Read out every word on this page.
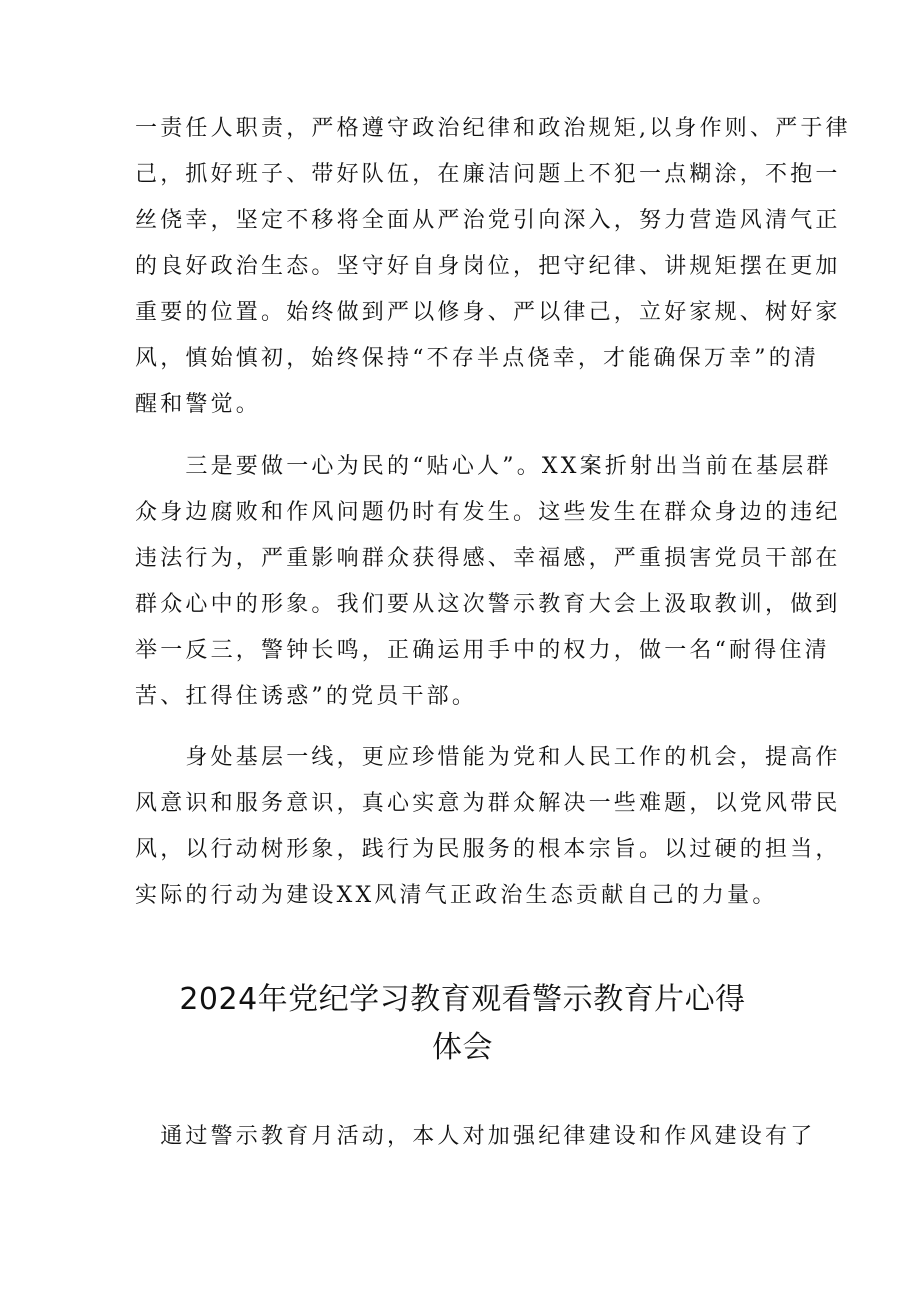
一责任人职责，严格遵守政治纪律和政治规矩,以身作则、严于律
己，抓好班子、带好队伍，在廉洁问题上不犯一点糊涂，不抱一
丝侥幸，坚定不移将全面从严治党引向深入，努力营造风清气正
的良好政治生态。坚守好自身岗位，把守纪律、讲规矩摆在更加
重要的位置。始终做到严以修身、严以律己，立好家规、树好家
风，慎始慎初，始终保持“不存半点侥幸，才能确保万幸”的清
醒和警觉。
　　三是要做一心为民的“贴心人”。XX案折射出当前在基层群
众身边腐败和作风问题仍时有发生。这些发生在群众身边的违纪
违法行为，严重影响群众获得感、幸福感，严重损害党员干部在
群众心中的形象。我们要从这次警示教育大会上汲取教训，做到
举一反三，警钟长鸣，正确运用手中的权力，做一名“耐得住清
苦、扛得住诱惑”的党员干部。
　　身处基层一线，更应珍惜能为党和人民工作的机会，提高作
风意识和服务意识，真心实意为群众解决一些难题，以党风带民
风，以行动树形象，践行为民服务的根本宗旨。以过硬的担当，
实际的行动为建设XX风清气正政治生态贡献自己的力量。
2024年党纪学习教育观看警示教育片心得
体会
　通过警示教育月活动，本人对加强纪律建设和作风建设有了
